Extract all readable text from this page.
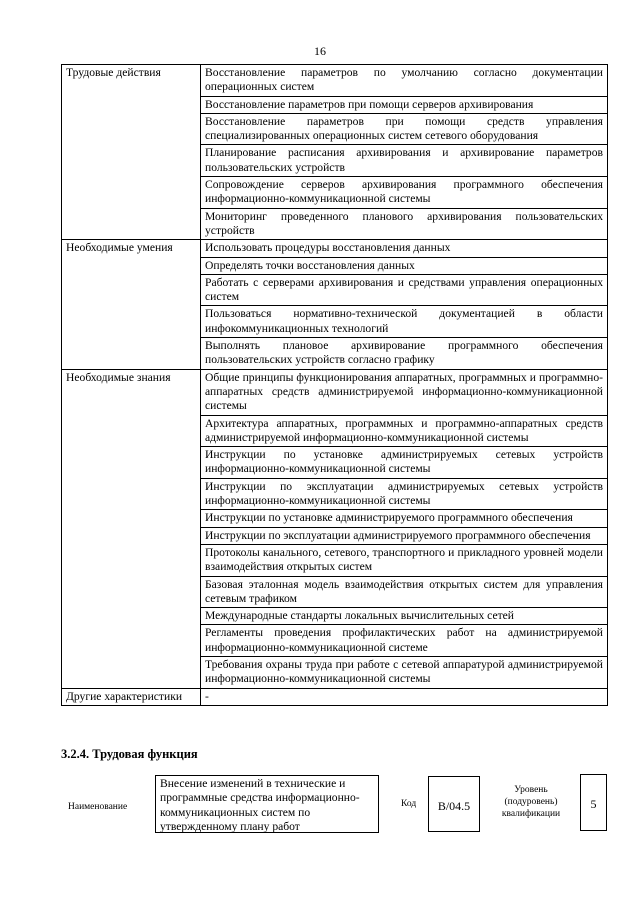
16
Трудовые действия	Восстановление параметров по умолчанию согласно документации операционных систем
	Восстановление параметров при помощи серверов архивирования
	Восстановление параметров при помощи средств управления специализированных операционных систем сетевого оборудования
	Планирование расписания архивирования и архивирование параметров пользовательских устройств
	Сопровождение серверов архивирования программного обеспечения информационно-коммуникационной системы
	Мониторинг проведенного планового архивирования пользовательских устройств
Необходимые умения	Использовать процедуры восстановления данных
	Определять точки восстановления данных
	Работать с серверами архивирования и средствами управления операционных систем
	Пользоваться нормативно-технической документацией в области инфокоммуникационных технологий
	Выполнять плановое архивирование программного обеспечения пользовательских устройств согласно графику
Необходимые знания	Общие принципы функционирования аппаратных, программных и программно-аппаратных средств администрируемой информационно-коммуникационной системы
	Архитектура аппаратных, программных и программно-аппаратных средств администрируемой информационно-коммуникационной системы
	Инструкции по установке администрируемых сетевых устройств информационно-коммуникационной системы
	Инструкции по эксплуатации администрируемых сетевых устройств информационно-коммуникационной системы
	Инструкции по установке администрируемого программного обеспечения
	Инструкции по эксплуатации администрируемого программного обеспечения
	Протоколы канального, сетевого, транспортного и прикладного уровней модели взаимодействия открытых систем
	Базовая эталонная модель взаимодействия открытых систем для управления сетевым трафиком
	Международные стандарты локальных вычислительных сетей
	Регламенты проведения профилактических работ на администрируемой информационно-коммуникационной системе
	Требования охраны труда при работе с сетевой аппаратурой администрируемой информационно-коммуникационной системы
Другие характеристики	-
3.2.4. Трудовая функция
Наименование
Внесение изменений в технические и программные средства информационно-коммуникационных систем по утвержденному плану работ
Код	B/04.5
Уровень (подуровень) квалификации
5
